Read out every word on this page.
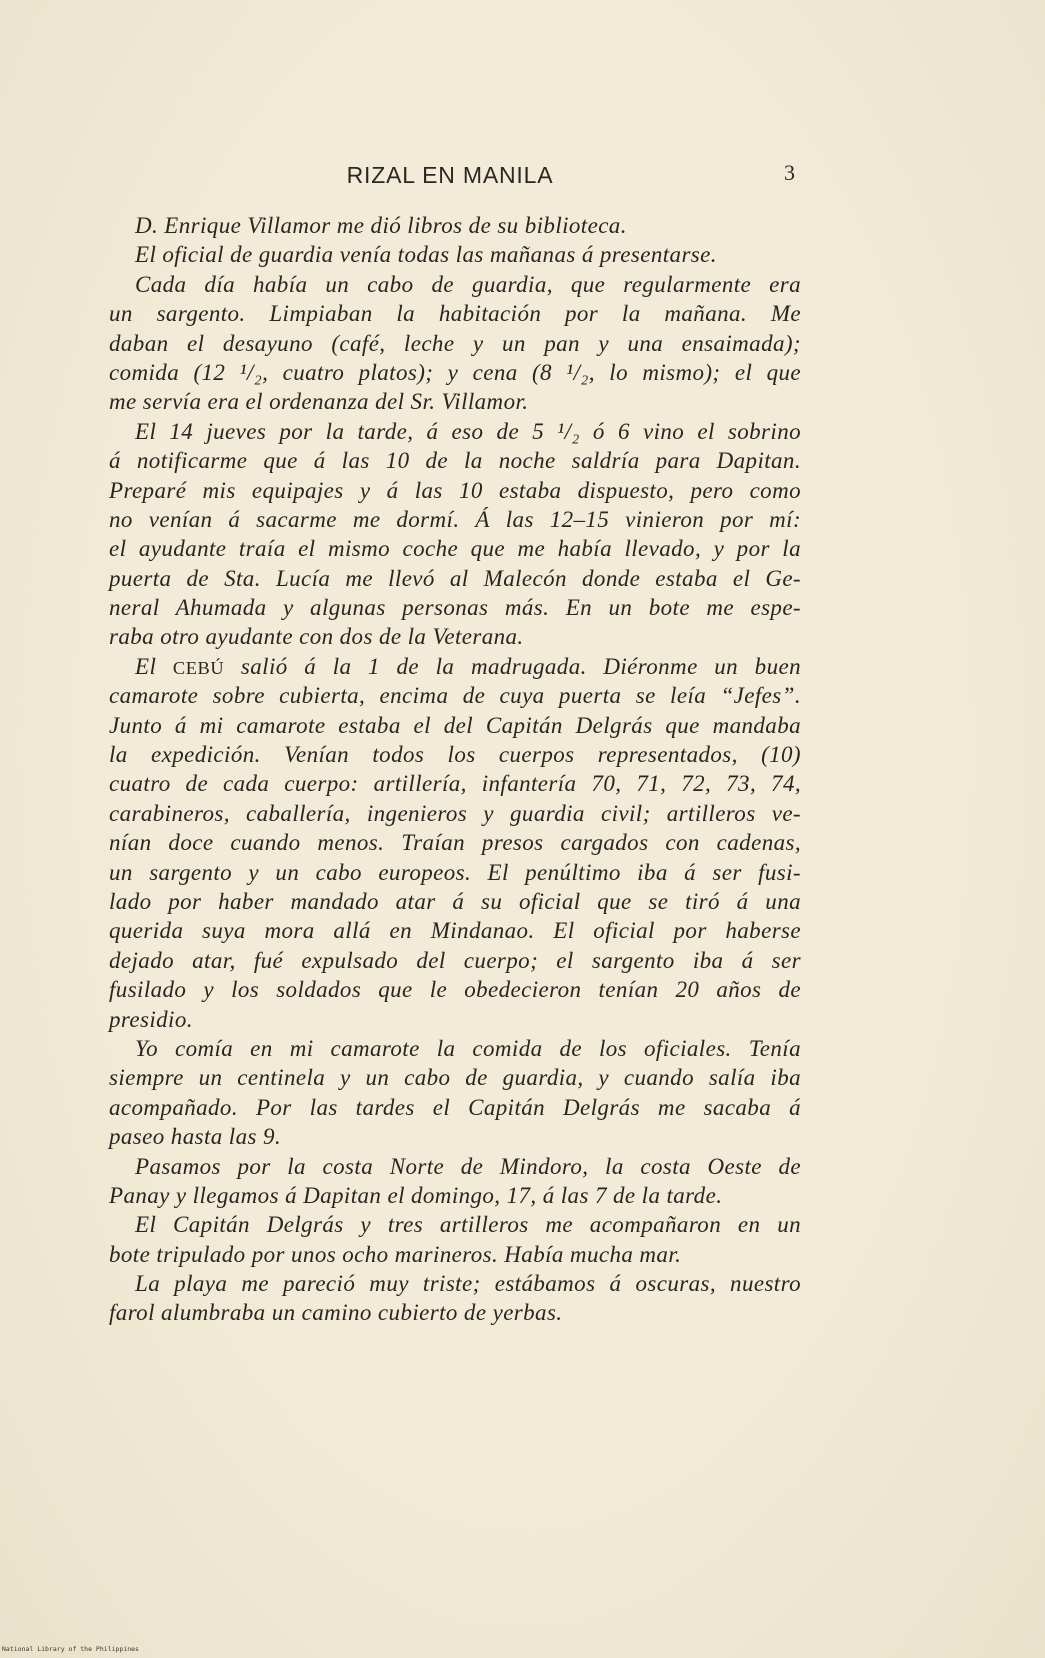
RIZAL EN MANILA	3
D. Enrique Villamor me dió libros de su biblioteca.
El oficial de guardia venía todas las mañanas á presentarse.
Cada día había un cabo de guardia, que regularmente era
un sargento. Limpiaban la habitación por la mañana. Me
daban el desayuno (café, leche y un pan y una ensaimada);
comida (12 ¹/₂, cuatro platos); y cena (8 ¹/₂, lo mismo); el que
me servía era el ordenanza del Sr. Villamor.
El 14 jueves por la tarde, á eso de 5 ¹/₂ ó 6 vino el sobrino
á notificarme que á las 10 de la noche saldría para Dapitan.
Preparé mis equipajes y á las 10 estaba dispuesto, pero como
no venían á sacarme me dormí. Á las 12–15 vinieron por mí:
el ayudante traía el mismo coche que me había llevado, y por la
puerta de Sta. Lucía me llevó al Malecón donde estaba el Ge-
neral Ahumada y algunas personas más. En un bote me espe-
raba otro ayudante con dos de la Veterana.
El CEBÚ salió á la 1 de la madrugada. Diéronme un buen
camarote sobre cubierta, encima de cuya puerta se leía “Jefes”.
Junto á mi camarote estaba el del Capitán Delgrás que mandaba
la expedición. Venían todos los cuerpos representados, (10)
cuatro de cada cuerpo: artillería, infantería 70, 71, 72, 73, 74,
carabineros, caballería, ingenieros y guardia civil; artilleros ve-
nían doce cuando menos. Traían presos cargados con cadenas,
un sargento y un cabo europeos. El penúltimo iba á ser fusi-
lado por haber mandado atar á su oficial que se tiró á una
querida suya mora allá en Mindanao. El oficial por haberse
dejado atar, fué expulsado del cuerpo; el sargento iba á ser
fusilado y los soldados que le obedecieron tenían 20 años de
presidio.
Yo comía en mi camarote la comida de los oficiales. Tenía
siempre un centinela y un cabo de guardia, y cuando salía iba
acompañado. Por las tardes el Capitán Delgrás me sacaba á
paseo hasta las 9.
Pasamos por la costa Norte de Mindoro, la costa Oeste de
Panay y llegamos á Dapitan el domingo, 17, á las 7 de la tarde.
El Capitán Delgrás y tres artilleros me acompañaron en un
bote tripulado por unos ocho marineros. Había mucha mar.
La playa me pareció muy triste; estábamos á oscuras, nuestro
farol alumbraba un camino cubierto de yerbas.
National Library of the Philippines
